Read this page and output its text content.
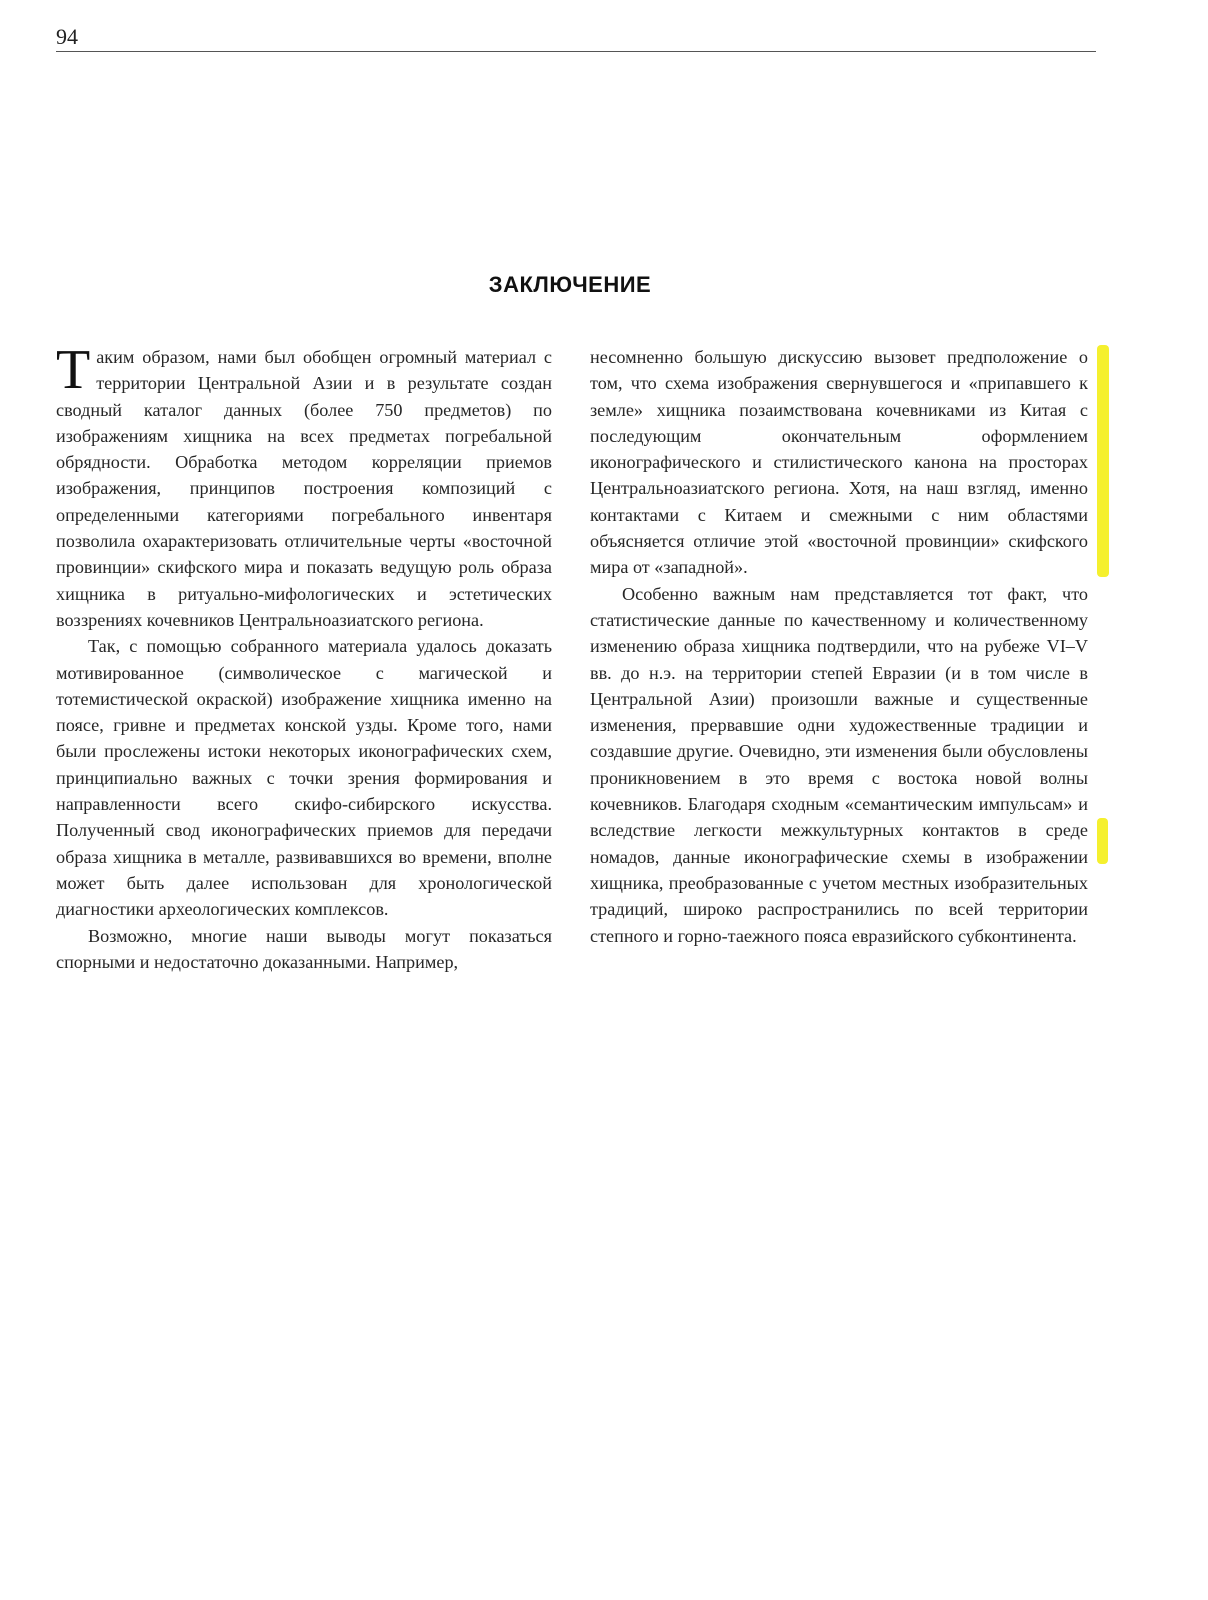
94
ЗАКЛЮЧЕНИЕ

Таким образом, нами был обобщен огромный материал с территории Центральной Азии и в результате создан сводный каталог данных (более 750 предметов) по изображениям хищника на всех предметах погребальной обрядности. Обработка методом корреляции приемов изображения, принципов построения композиций с определенными категориями погребального инвентаря позволила охарактеризовать отличительные черты «восточной провинции» скифского мира и показать ведущую роль образа хищника в ритуально-мифологических и эстетических воззрениях кочевников Центральноазиатского региона.

Так, с помощью собранного материала удалось доказать мотивированное (символическое с магической и тотемистической окраской) изображение хищника именно на поясе, гривне и предметах конской узды. Кроме того, нами были прослежены истоки некоторых иконографических схем, принципиально важных с точки зрения формирования и направленности всего скифо-сибирского искусства. Полученный свод иконографических приемов для передачи образа хищника в металле, развивавшихся во времени, вполне может быть далее использован для хронологической диагностики археологических комплексов.

Возможно, многие наши выводы могут показаться спорными и недостаточно доказанными. Например,

несомненно большую дискуссию вызовет предположение о том, что схема изображения свернувшегося и «припавшего к земле» хищника позаимствована кочевниками из Китая с последующим окончательным оформлением иконографического и стилистического канона на просторах Центральноазиатского региона. Хотя, на наш взгляд, именно контактами с Китаем и смежными с ним областями объясняется отличие этой «восточной провинции» скифского мира от «западной».

Особенно важным нам представляется тот факт, что статистические данные по качественному и количественному изменению образа хищника подтвердили, что на рубеже VI–V вв. до н.э. на территории степей Евразии (и в том числе в Центральной Азии) произошли важные и существенные изменения, прервавшие одни художественные традиции и создавшие другие. Очевидно, эти изменения были обусловлены проникновением в это время с востока новой волны кочевников. Благодаря сходным «семантическим импульсам» и вследствие легкости межкультурных контактов в среде номадов, данные иконографические схемы в изображении хищника, преобразованные с учетом местных изобразительных традиций, широко распространились по всей территории степного и горно-таежного пояса евразийского субконтинента.
